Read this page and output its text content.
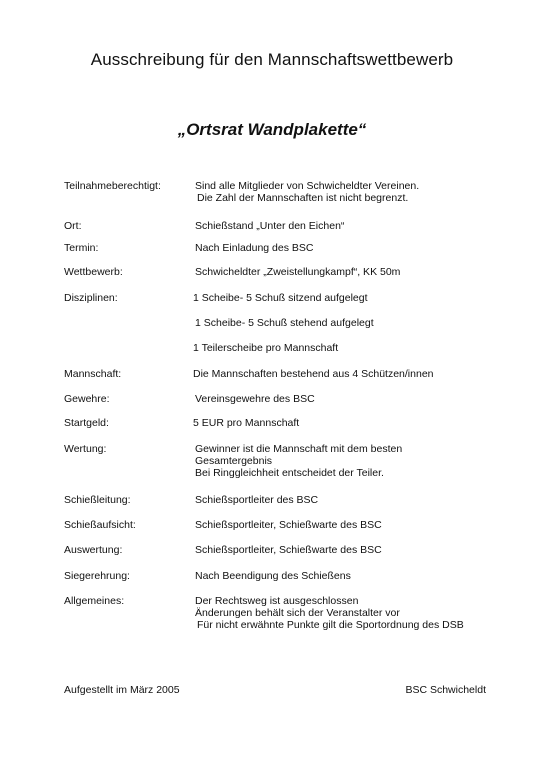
Ausschreibung für den Mannschaftswettbewerb
„Ortsrat Wandplakette“
Teilnahmeberechtigt:	Sind alle Mitglieder von Schwicheldter Vereinen.
Die Zahl der Mannschaften ist nicht begrenzt.
Ort:	Schießstand „Unter den Eichen“
Termin:	Nach Einladung des BSC
Wettbewerb:	Schwicheldter „Zweistellungkampf“, KK 50m
Disziplinen:	1 Scheibe- 5 Schuß sitzend aufgelegt
1 Scheibe- 5 Schuß stehend aufgelegt
1 Teilerscheibe pro Mannschaft
Mannschaft:	Die Mannschaften bestehend aus 4 Schützen/innen
Gewehre:	Vereinsgewehre des BSC
Startgeld:	5 EUR pro Mannschaft
Wertung:	Gewinner ist die Mannschaft mit dem besten
Gesamtergebnis
Bei Ringgleichheit entscheidet der Teiler.
Schießleitung:	Schießsportleiter des BSC
Schießaufsicht:	Schießsportleiter, Schießwarte des BSC
Auswertung:	Schießsportleiter, Schießwarte des BSC
Siegerehrung:	Nach Beendigung des Schießens
Allgemeines:	Der Rechtsweg ist ausgeschlossen
Änderungen behält sich der Veranstalter vor
Für nicht erwähnte Punkte gilt die Sportordnung des DSB
Aufgestellt im März 2005	BSC Schwicheldt
